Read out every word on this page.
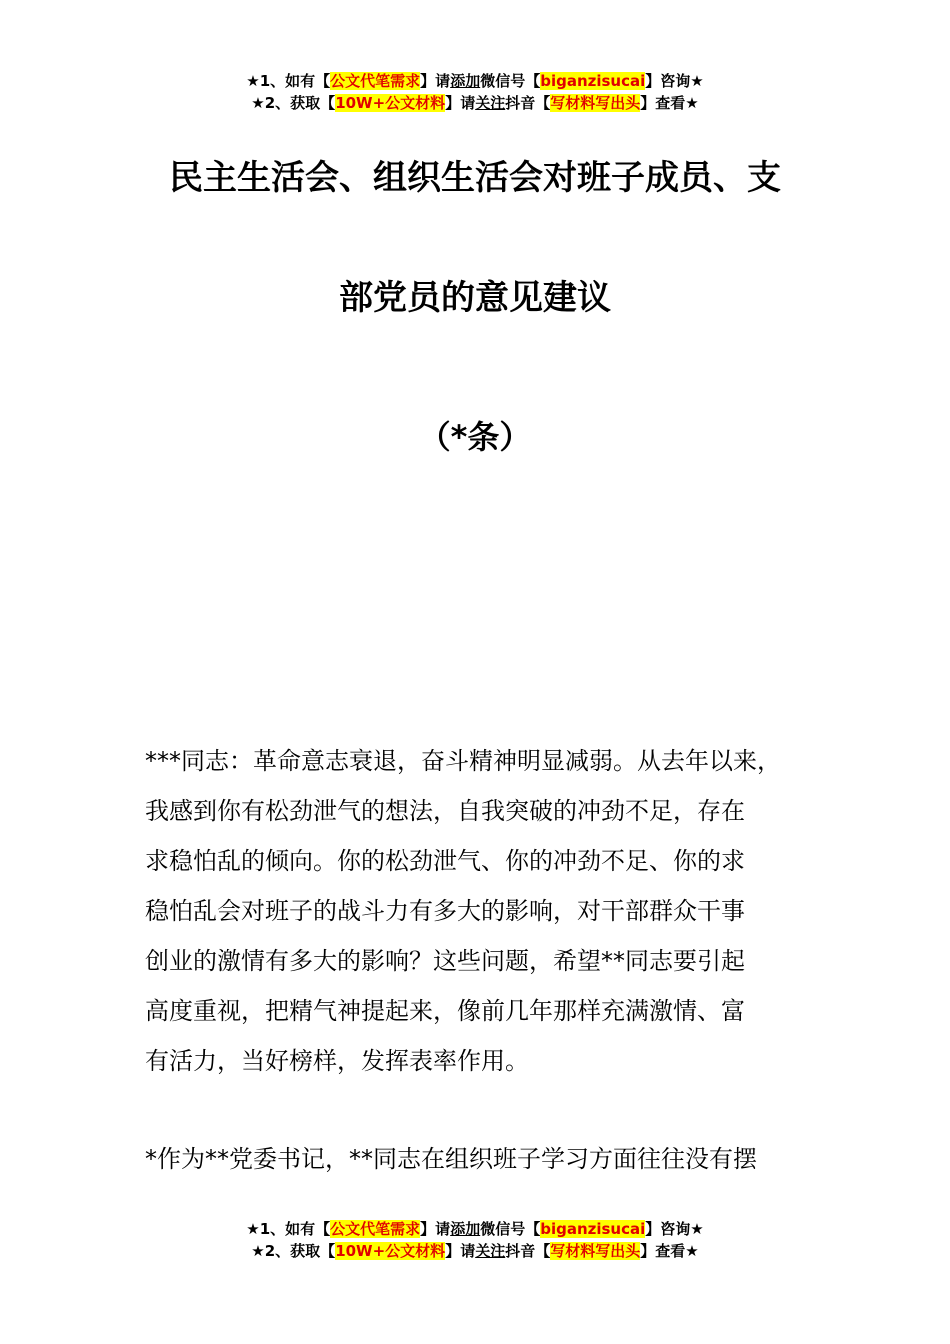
★1、如有【公文代笔需求】请添加微信号【biganzisucai】咨询★
★2、获取【10W+公文材料】请关注抖音【写材料写出头】查看★
民主生活会、组织生活会对班子成员、支
部党员的意见建议
（*条）
***同志：革命意志衰退，奋斗精神明显减弱。从去年以来，
我感到你有松劲泄气的想法，自我突破的冲劲不足，存在
求稳怕乱的倾向。你的松劲泄气、你的冲劲不足、你的求
稳怕乱会对班子的战斗力有多大的影响，对干部群众干事
创业的激情有多大的影响？这些问题，希望**同志要引起
高度重视，把精气神提起来，像前几年那样充满激情、富
有活力，当好榜样，发挥表率作用。
*作为**党委书记，**同志在组织班子学习方面往往没有摆
★1、如有【公文代笔需求】请添加微信号【biganzisucai】咨询★
★2、获取【10W+公文材料】请关注抖音【写材料写出头】查看★
